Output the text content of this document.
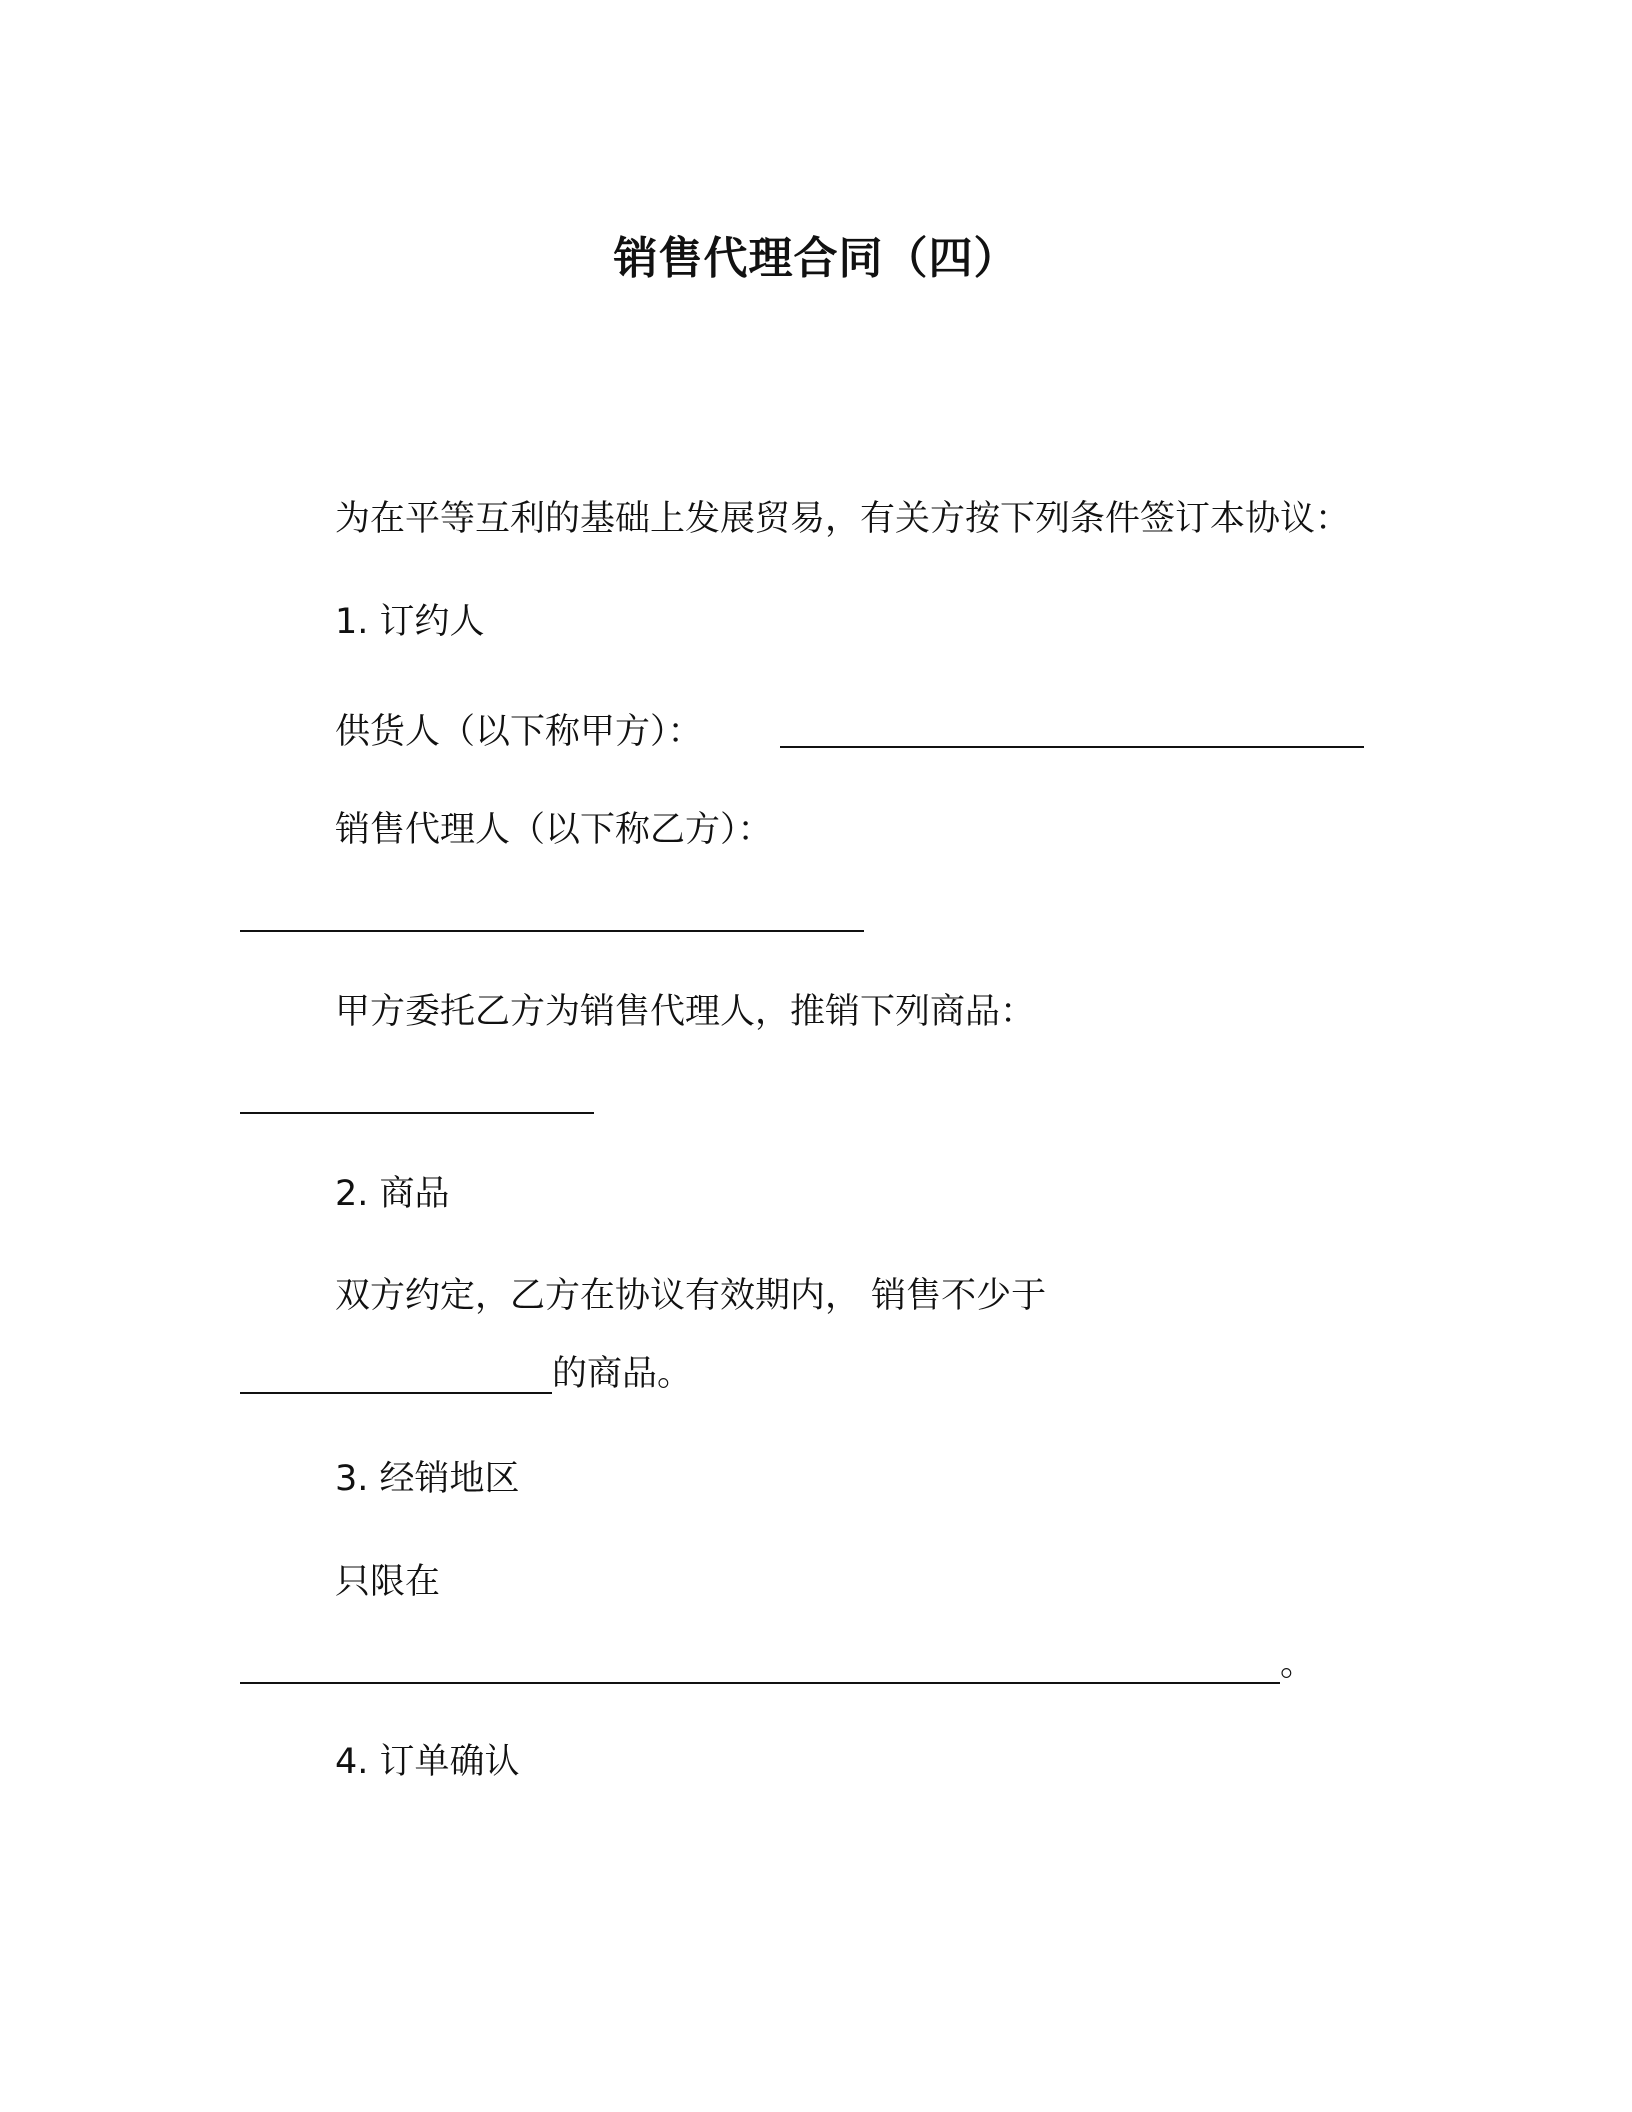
销售代理合同（四）
为在平等互利的基础上发展贸易，有关方按下列条件签订本协议：
1. 订约人
供货人（以下称甲方）：
销售代理人（以下称乙方）：
甲方委托乙方为销售代理人，推销下列商品：
2. 商品
双方约定，乙方在协议有效期内， 销售不少于
的商品。
3. 经销地区
只限在
。
4. 订单确认
